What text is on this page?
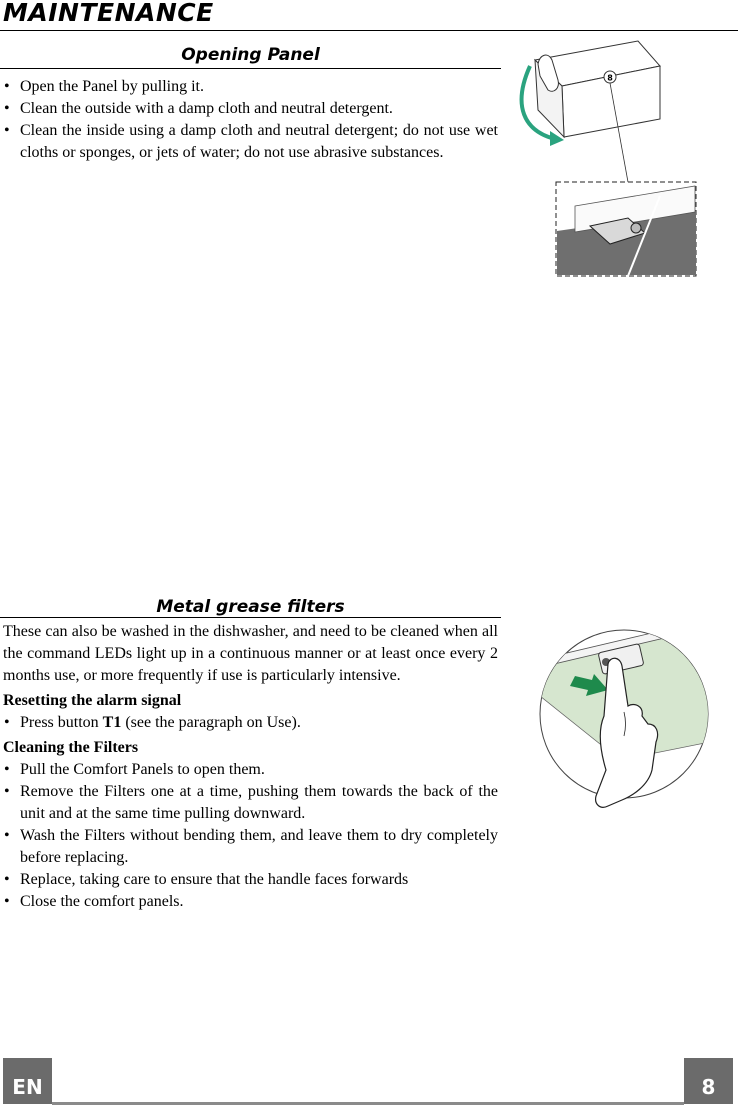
MAINTENANCE
Opening Panel
• Open the Panel by pulling it.
• Clean the outside with a damp cloth and neutral detergent.
• Clean the inside using a damp cloth and neutral detergent; do not use wet cloths or sponges, or jets of water; do not use abrasive substances.
8
Metal grease filters

These can also be washed in the dishwasher, and need to be cleaned when all the command LEDs light up in a continuous manner or at least once every 2 months use, or more frequently if use is particularly intensive.

Resetting the alarm signal

• Press button T1 (see the paragraph on Use).

Cleaning the Filters

• Pull the Comfort Panels to open them.
• Remove the Filters one at a time, pushing them towards the back of the unit and at the same time pulling downward.
• Wash the Filters without bending them, and leave them to dry completely before replacing.
• Replace, taking care to ensure that the handle faces forwards
• Close the comfort panels.
EN	8
